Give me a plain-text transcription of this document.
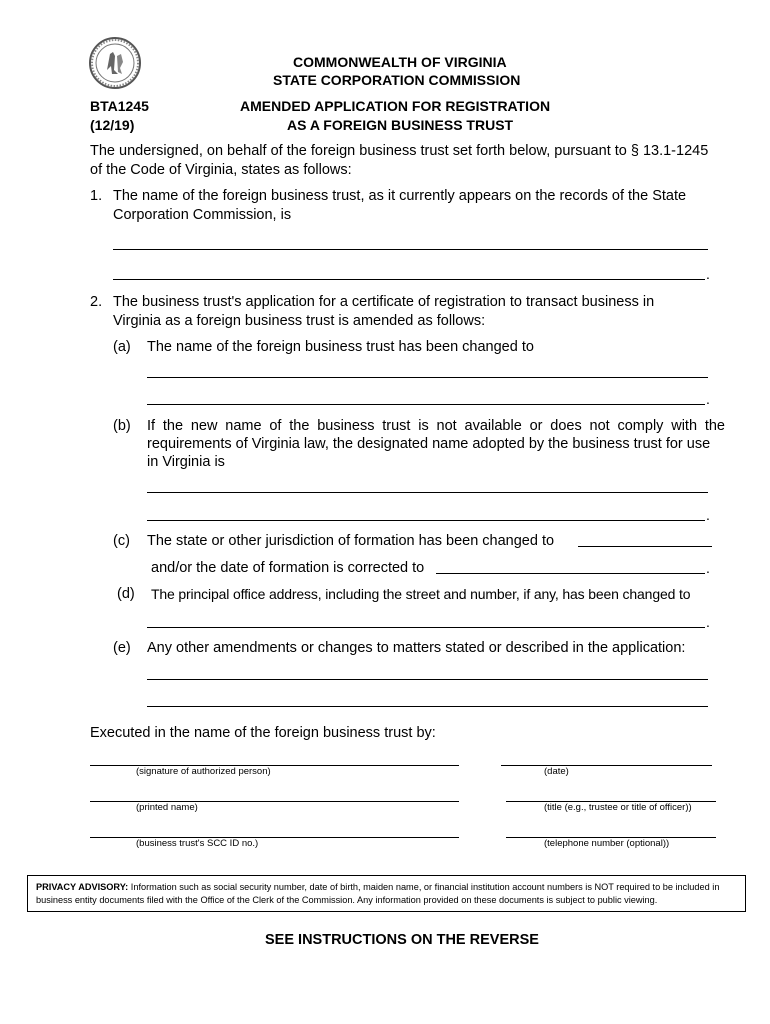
COMMONWEALTH OF VIRGINIA
STATE CORPORATION COMMISSION
BTA1245
(12/19)
AMENDED APPLICATION FOR REGISTRATION
AS A FOREIGN BUSINESS TRUST
The undersigned, on behalf of the foreign business trust set forth below, pursuant to § 13.1-1245
of the Code of Virginia, states as follows:
1. The name of the foreign business trust, as it currently appears on the records of the State
Corporation Commission, is
.
2. The business trust's application for a certificate of registration to transact business in
Virginia as a foreign business trust is amended as follows:
(a) The name of the foreign business trust has been changed to
.
(b) If the new name of the business trust is not available or does not comply with the
requirements of Virginia law, the designated name adopted by the business trust for use
in Virginia is
.
(c) The state or other jurisdiction of formation has been changed to
and/or the date of formation is corrected to	.
(d) The principal office address, including the street and number, if any, has been changed to
.
(e) Any other amendments or changes to matters stated or described in the application:
Executed in the name of the foreign business trust by:
(signature of authorized person)	(date)
(printed name)	(title (e.g., trustee or title of officer))
(business trust's SCC ID no.)	(telephone number (optional))
PRIVACY ADVISORY: Information such as social security number, date of birth, maiden name, or financial institution account numbers is NOT required to be included in business entity documents filed with the Office of the Clerk of the Commission. Any information provided on these documents is subject to public viewing.
SEE INSTRUCTIONS ON THE REVERSE
